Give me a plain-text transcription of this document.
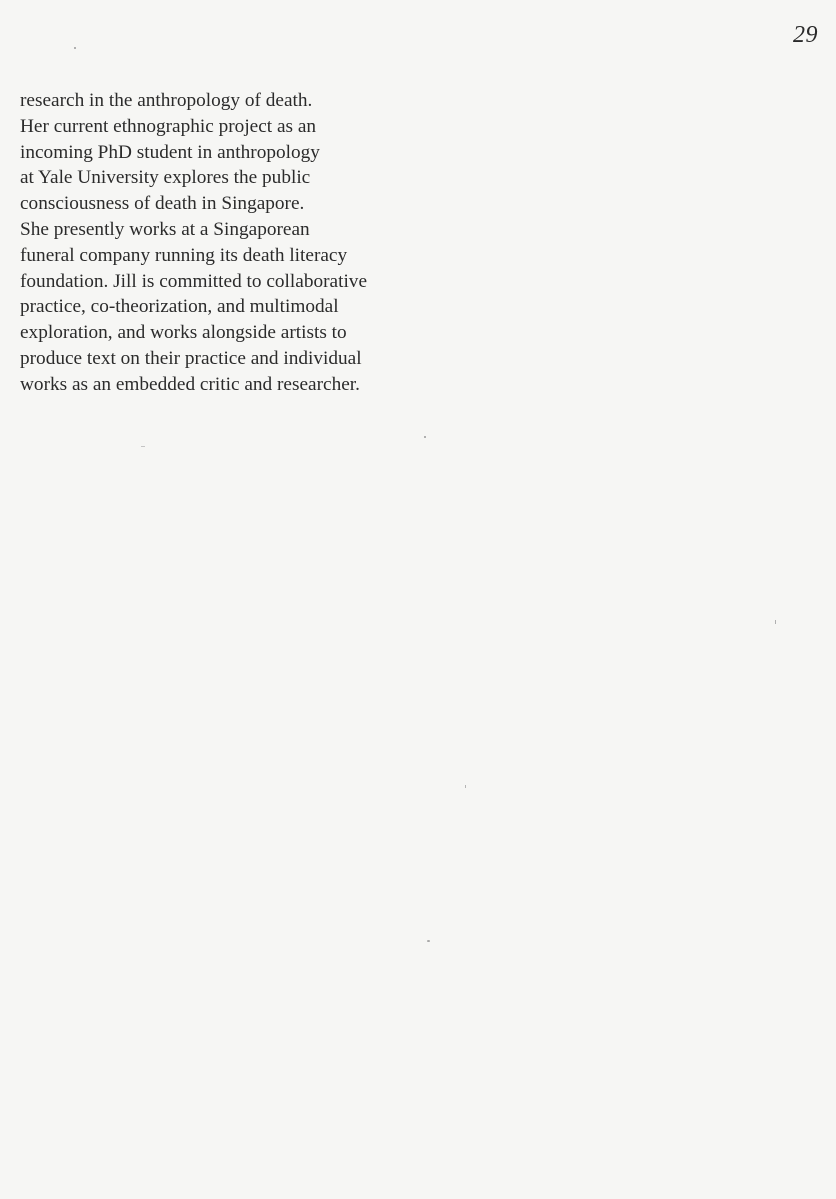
29
research in the anthropology of death.
Her current ethnographic project as an
incoming PhD student in anthropology
at Yale University explores the public
consciousness of death in Singapore.
She presently works at a Singaporean
funeral company running its death literacy
foundation. Jill is committed to collaborative
practice, co-theorization, and multimodal
exploration, and works alongside artists to
produce text on their practice and individual
works as an embedded critic and researcher.
